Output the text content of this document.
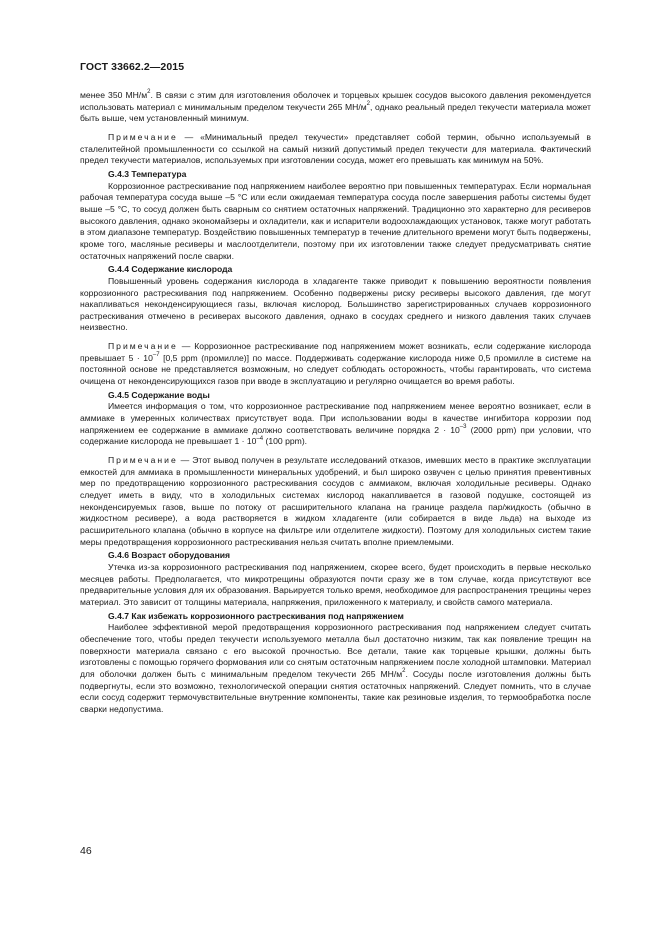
ГОСТ 33662.2—2015

менее 350 $МН/м^2$. В связи с этим для изготовления оболочек и торцевых крышек сосудов высокого давления рекомендуется использовать материал с минимальным пределом текучести 265 $МН/м^2$, однако реальный предел текучести материала может быть выше, чем установленный минимум.

Примечание — «Минимальный предел текучести» представляет собой термин, обычно используемый в сталелитейной промышленности со ссылкой на самый низкий допустимый предел текучести для материала. Фактический предел текучести материалов, используемых при изготовлении сосуда, может его превышать как минимум на 50%.

G.4.3 Температура

Коррозионное растрескивание под напряжением наиболее вероятно при повышенных температурах. Если нормальная рабочая температура сосуда выше –5 °С или если ожидаемая температура сосуда после завершения работы системы будет выше –5 °С, то сосуд должен быть сварным со снятием остаточных напряжений. Традиционно это характерно для ресиверов высокого давления, однако экономайзеры и охладители, как и испарители водоохлаждающих установок, также могут работать в этом диапазоне температур. Воздействию повышенных температур в течение длительного времени могут быть подвержены, кроме того, масляные ресиверы и маслоотделители, поэтому при их изготовлении также следует предусматривать снятие остаточных напряжений после сварки.

G.4.4 Содержание кислорода

Повышенный уровень содержания кислорода в хладагенте также приводит к повышению вероятности появления коррозионного растрескивания под напряжением. Особенно подвержены риску ресиверы высокого давления, где могут накапливаться неконденсирующиеся газы, включая кислород. Большинство зарегистрированных случаев коррозионного растрескивания отмечено в ресиверах высокого давления, однако в сосудах среднего и низкого давления таких случаев неизвестно.

Примечание — Коррозионное растрескивание под напряжением может возникать, если содержание кислорода превышает $5 \cdot 10^{-7}$ [0,5 ppm (промилле)] по массе. Поддерживать содержание кислорода ниже 0,5 промилле в системе на постоянной основе не представляется возможным, но следует соблюдать осторожность, чтобы гарантировать, что система очищена от неконденсирующихся газов при вводе в эксплуатацию и регулярно очищается во время работы.

G.4.5 Содержание воды

Имеется информация о том, что коррозионное растрескивание под напряжением менее вероятно возникает, если в аммиаке в умеренных количествах присутствует вода. При использовании воды в качестве ингибитора коррозии под напряжением ее содержание в аммиаке должно соответствовать величине порядка $2 \cdot 10^{-3}$ (2000 ppm) при условии, что содержание кислорода не превышает $1 \cdot 10^{-4}$ (100 ppm).

Примечание — Этот вывод получен в результате исследований отказов, имевших место в практике эксплуатации емкостей для аммиака в промышленности минеральных удобрений, и был широко озвучен с целью принятия превентивных мер по предотвращению коррозионного растрескивания сосудов с аммиаком, включая холодильные ресиверы. Однако следует иметь в виду, что в холодильных системах кислород накапливается в газовой подушке, состоящей из неконденсируемых газов, выше по потоку от расширительного клапана на границе раздела пар/жидкость (обычно в жидкостном ресивере), а вода растворяется в жидком хладагенте (или собирается в виде льда) на выходе из расширительного клапана (обычно в корпусе на фильтре или отделителе жидкости). Поэтому для холодильных систем такие меры предотвращения коррозионного растрескивания нельзя считать вполне приемлемыми.

G.4.6 Возраст оборудования

Утечка из-за коррозионного растрескивания под напряжением, скорее всего, будет происходить в первые несколько месяцев работы. Предполагается, что микротрещины образуются почти сразу же в том случае, когда присутствуют все предварительные условия для их образования. Варьируется только время, необходимое для распространения трещины через материал. Это зависит от толщины материала, напряжения, приложенного к материалу, и свойств самого материала.

G.4.7 Как избежать коррозионного растрескивания под напряжением

Наиболее эффективной мерой предотвращения коррозионного растрескивания под напряжением следует считать обеспечение того, чтобы предел текучести используемого металла был достаточно низким, так как появление трещин на поверхности материала связано с его высокой прочностью. Все детали, такие как торцевые крышки, должны быть изготовлены с помощью горячего формования или со снятым остаточным напряжением после холодной штамповки. Материал для оболочки должен быть с минимальным пределом текучести 265 $МН/м^2$. Сосуды после изготовления должны быть подвергнуты, если это возможно, технологической операции снятия остаточных напряжений. Следует помнить, что в случае если сосуд содержит термочувствительные внутренние компоненты, такие как резиновые изделия, то термообработка после сварки недопустима.

46
